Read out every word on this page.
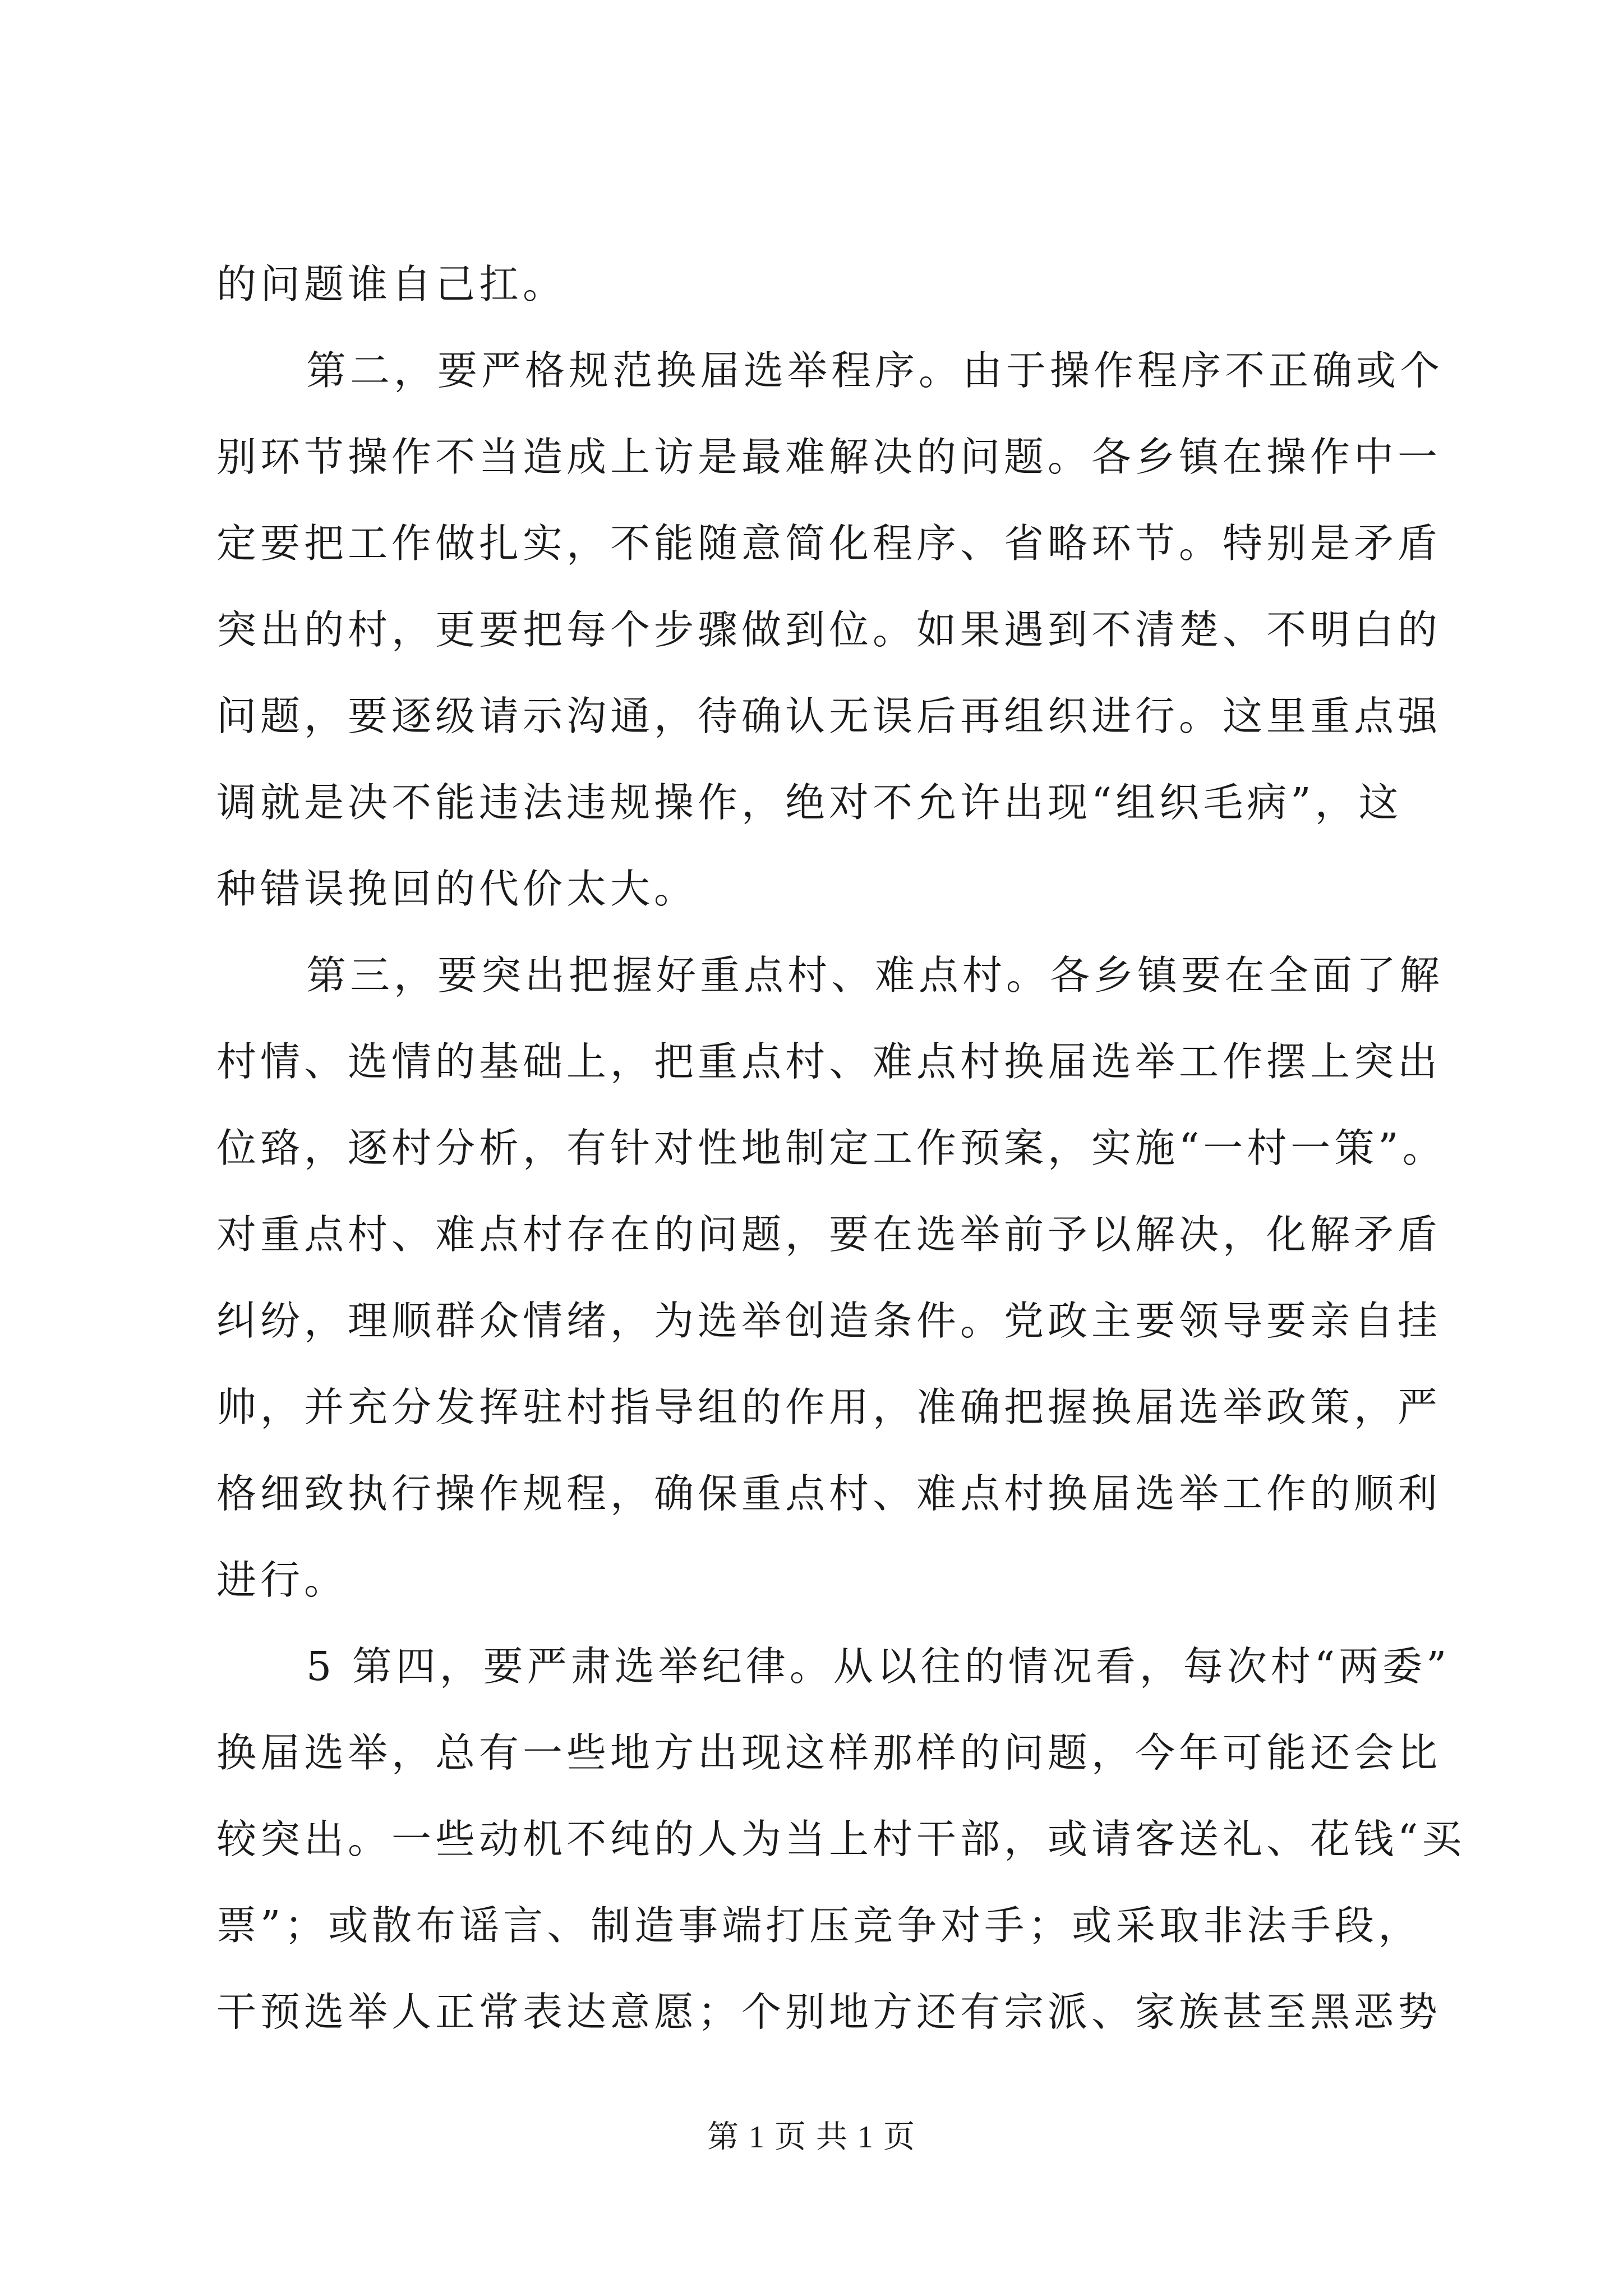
的问题谁自己扛。
第二，要严格规范换届选举程序。由于操作程序不正确或个
别环节操作不当造成上访是最难解决的问题。各乡镇在操作中一
定要把工作做扎实，不能随意简化程序、省略环节。特别是矛盾
突出的村，更要把每个步骤做到位。如果遇到不清楚、不明白的
问题，要逐级请示沟通，待确认无误后再组织进行。这里重点强
调就是决不能违法违规操作，绝对不允许出现“组织毛病”，这
种错误挽回的代价太大。
第三，要突出把握好重点村、难点村。各乡镇要在全面了解
村情、选情的基础上，把重点村、难点村换届选举工作摆上突出
位臵，逐村分析，有针对性地制定工作预案，实施“一村一策”。
对重点村、难点村存在的问题，要在选举前予以解决，化解矛盾
纠纷，理顺群众情绪，为选举创造条件。党政主要领导要亲自挂
帅，并充分发挥驻村指导组的作用，准确把握换届选举政策，严
格细致执行操作规程，确保重点村、难点村换届选举工作的顺利
进行。
5 第四，要严肃选举纪律。从以往的情况看，每次村“两委”
换届选举，总有一些地方出现这样那样的问题，今年可能还会比
较突出。一些动机不纯的人为当上村干部，或请客送礼、花钱“买
票”；或散布谣言、制造事端打压竞争对手；或采取非法手段，
干预选举人正常表达意愿；个别地方还有宗派、家族甚至黑恶势
第 1 页 共 1 页
